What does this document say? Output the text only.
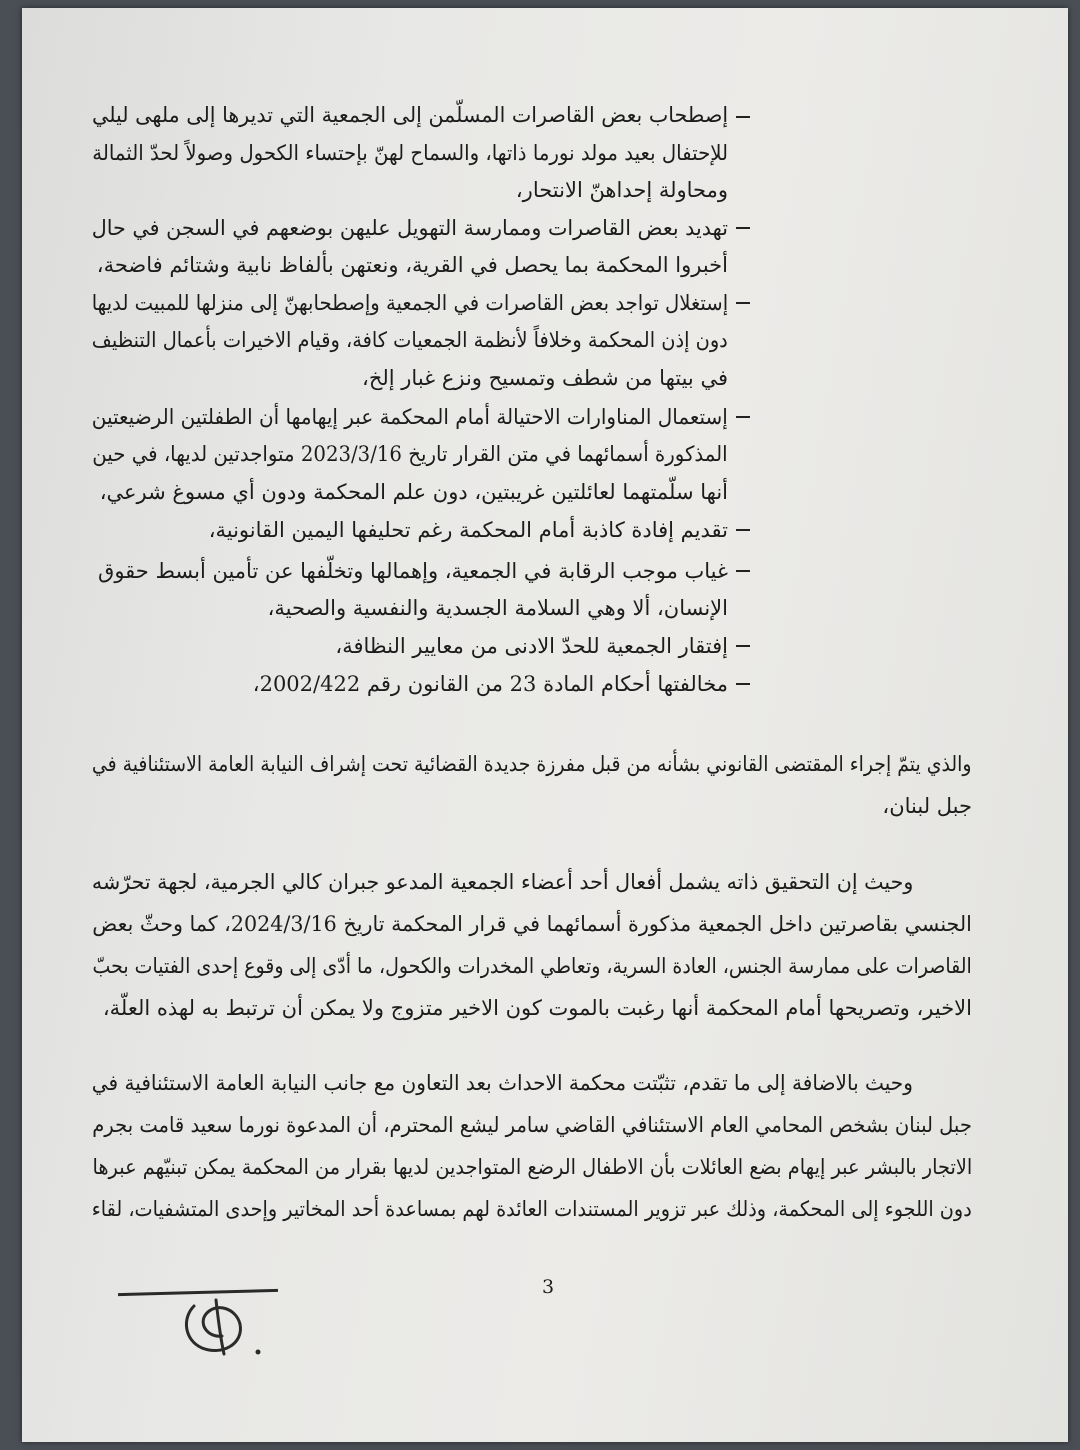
إصطحاب بعض القاصرات المسلّمن إلى الجمعية التي تديرها إلى ملهى ليلي
للإحتفال بعيد مولد نورما ذاتها، والسماح لهنّ بإحتساء الكحول وصولاً لحدّ الثمالة
ومحاولة إحداهنّ الانتحار،
تهديد بعض القاصرات وممارسة التهويل عليهن بوضعهم في السجن في حال
أخبروا المحكمة بما يحصل في القرية، ونعتهن بألفاظ نابية وشتائم فاضحة،
إستغلال تواجد بعض القاصرات في الجمعية وإصطحابهنّ إلى منزلها للمبيت لديها
دون إذن المحكمة وخلافاً لأنظمة الجمعيات كافة، وقيام الاخيرات بأعمال التنظيف
في بيتها من شطف وتمسيح ونزع غبار إلخ،
إستعمال المناوارات الاحتيالة أمام المحكمة عبر إيهامها أن الطفلتين الرضيعتين
المذكورة أسمائهما في متن القرار تاريخ 2023/3/16 متواجدتين لديها، في حين
أنها سلّمتهما لعائلتين غريبتين، دون علم المحكمة ودون أي مسوغ شرعي،
تقديم إفادة كاذبة أمام المحكمة رغم تحليفها اليمين القانونية،
غياب موجب الرقابة في الجمعية، وإهمالها وتخلّفها عن تأمين أبسط حقوق
الإنسان، ألا وهي السلامة الجسدية والنفسية والصحية،
إفتقار الجمعية للحدّ الادنى من معايير النظافة،
مخالفتها أحكام المادة 23 من القانون رقم 2002/422،
والذي يتمّ إجراء المقتضى القانوني بشأنه من قبل مفرزة جديدة القضائية تحت إشراف النيابة العامة الاستئنافية في
جبل لبنان،
وحيث إن التحقيق ذاته يشمل أفعال أحد أعضاء الجمعية المدعو جبران كالي الجرمية، لجهة تحرّشه
الجنسي بقاصرتين داخل الجمعية مذكورة أسمائهما في قرار المحكمة تاريخ 2024/3/16، كما وحثّ بعض
القاصرات على ممارسة الجنس، العادة السرية، وتعاطي المخدرات والكحول، ما أدّى إلى وقوع إحدى الفتيات بحبّ
الاخير، وتصريحها أمام المحكمة أنها رغبت بالموت كون الاخير متزوج ولا يمكن أن ترتبط به لهذه العلّة،
وحيث بالاضافة إلى ما تقدم، تثبّتت محكمة الاحداث بعد التعاون مع جانب النيابة العامة الاستئنافية في
جبل لبنان بشخص المحامي العام الاستئنافي القاضي سامر ليشع المحترم، أن المدعوة نورما سعيد قامت بجرم
الاتجار بالبشر عبر إيهام بضع العائلات بأن الاطفال الرضع المتواجدين لديها بقرار من المحكمة يمكن تبنيّهم عبرها
دون اللجوء إلى المحكمة، وذلك عبر تزوير المستندات العائدة لهم بمساعدة أحد المخاتير وإحدى المتشفيات، لقاء
3
